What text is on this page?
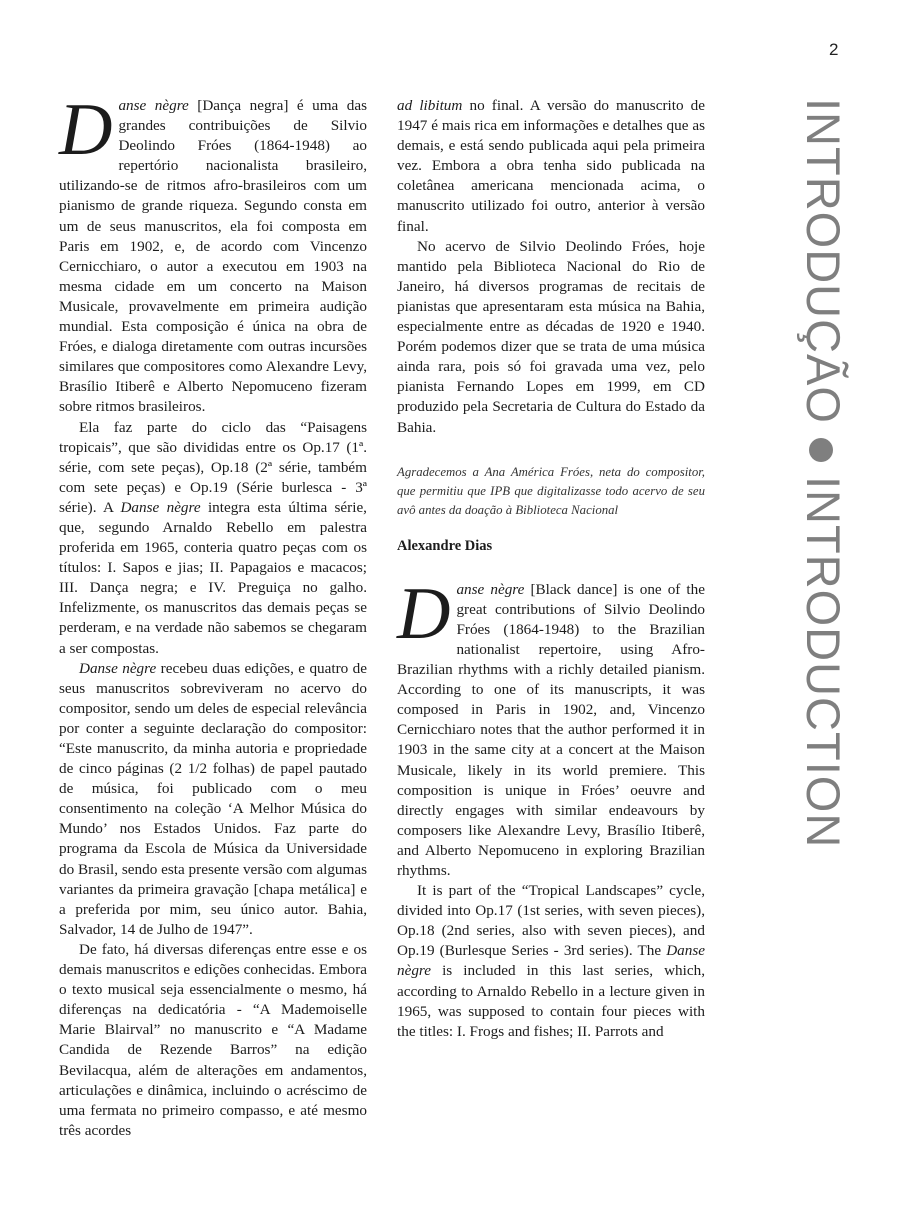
2
INTRODUÇÃOINTRODUCTION

Danse nègre [Dança negra] é uma das grandes contribuições de Silvio Deolindo Fróes (1864-1948) ao repertório nacionalista brasileiro, utilizando-se de ritmos afro-brasileiros com um pianismo de grande riqueza. Segundo consta em um de seus manuscritos, ela foi composta em Paris em 1902, e, de acordo com Vincenzo Cernicchiaro, o autor a executou em 1903 na mesma cidade em um concerto na Maison Musicale, provavelmente em primeira audição mundial. Esta composição é única na obra de Fróes, e dialoga diretamente com outras incursões similares que compositores como Alexandre Levy, Brasílio Itiberê e Alberto Nepomuceno fizeram sobre ritmos brasileiros.

Ela faz parte do ciclo das “Paisagens tropicais”, que são divididas entre os Op.17 (1ª. série, com sete peças), Op.18 (2ª série, também com sete peças) e Op.19 (Série burlesca - 3ª série). A Danse nègre integra esta última série, que, segundo Arnaldo Rebello em palestra proferida em 1965, conteria quatro peças com os títulos: I. Sapos e jias; II. Papagaios e macacos; III. Dança negra; e IV. Preguiça no galho. Infelizmente, os manuscritos das demais peças se perderam, e na verdade não sabemos se chegaram a ser compostas.

Danse nègre recebeu duas edições, e quatro de seus manuscritos sobreviveram no acervo do compositor, sendo um deles de especial relevância por conter a seguinte declaração do compositor: “Este manuscrito, da minha autoria e propriedade de cinco páginas (2 1/2 folhas) de papel pautado de música, foi publicado com o meu consentimento na coleção ‘A Melhor Música do Mundo’ nos Estados Unidos. Faz parte do programa da Escola de Música da Universidade do Brasil, sendo esta presente versão com algumas variantes da primeira gravação [chapa metálica] e a preferida por mim, seu único autor. Bahia, Salvador, 14 de Julho de 1947”.

De fato, há diversas diferenças entre esse e os demais manuscritos e edições conhecidas. Embora o texto musical seja essencialmente o mesmo, há diferenças na dedicatória - “A Mademoiselle Marie Blairval” no manuscrito e “A Madame Candida de Rezende Barros” na edição Bevilacqua, além de alterações em andamentos, articulações e dinâmica, incluindo o acréscimo de uma fermata no primeiro compasso, e até mesmo três acordes

ad libitum no final. A versão do manuscrito de 1947 é mais rica em informações e detalhes que as demais, e está sendo publicada aqui pela primeira vez. Embora a obra tenha sido publicada na coletânea americana mencionada acima, o manuscrito utilizado foi outro, anterior à versão final.

No acervo de Silvio Deolindo Fróes, hoje mantido pela Biblioteca Nacional do Rio de Janeiro, há diversos programas de recitais de pianistas que apresentaram esta música na Bahia, especialmente entre as décadas de 1920 e 1940. Porém podemos dizer que se trata de uma música ainda rara, pois só foi gravada uma vez, pelo pianista Fernando Lopes em 1999, em CD produzido pela Secretaria de Cultura do Estado da Bahia.

Agradecemos a Ana América Fróes, neta do compositor, que permitiu que IPB que digitalizasse todo acervo de seu avô antes da doação à Biblioteca Nacional

Alexandre Dias

Danse nègre [Black dance] is one of the great contributions of Silvio Deolindo Fróes (1864-1948) to the Brazilian nationalist repertoire, using Afro-Brazilian rhythms with a richly detailed pianism. According to one of its manuscripts, it was composed in Paris in 1902, and, Vincenzo Cernicchiaro notes that the author performed it in 1903 in the same city at a concert at the Maison Musicale, likely in its world premiere. This composition is unique in Fróes’ oeuvre and directly engages with similar endeavours by composers like Alexandre Levy, Brasílio Itiberê, and Alberto Nepomuceno in exploring Brazilian rhythms.

It is part of the “Tropical Landscapes” cycle, divided into Op.17 (1st series, with seven pieces), Op.18 (2nd series, also with seven pieces), and Op.19 (Burlesque Series - 3rd series). The Danse nègre is included in this last series, which, according to Arnaldo Rebello in a lecture given in 1965, was supposed to contain four pieces with the titles: I. Frogs and fishes; II. Parrots and
